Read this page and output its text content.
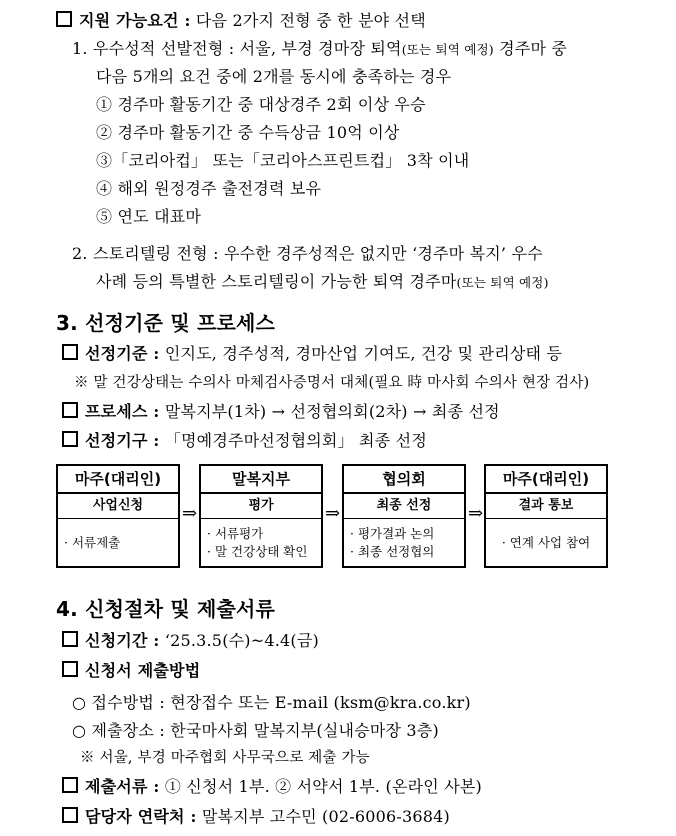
지원 가능요건 : 다음 2가지 전형 중 한 분야 선택
1. 우수성적 선발전형 : 서울, 부경 경마장 퇴역(또는 퇴역 예정) 경주마 중
다음 5개의 요건 중에 2개를 동시에 충족하는 경우
① 경주마 활동기간 중 대상경주 2회 이상 우승
② 경주마 활동기간 중 수득상금 10억 이상
③「코리아컵」 또는「코리아스프린트컵」 3착 이내
④ 해외 원정경주 출전경력 보유
⑤ 연도 대표마
2. 스토리텔링 전형 : 우수한 경주성적은 없지만 ‘경주마 복지’ 우수
사례 등의 특별한 스토리텔링이 가능한 퇴역 경주마(또는 퇴역 예정)
3. 선정기준 및 프로세스
선정기준 : 인지도, 경주성적, 경마산업 기여도, 건강 및 관리상태 등
※ 말 건강상태는 수의사 마체검사증명서 대체(필요 時 마사회 수의사 현장 검사)
프로세스 : 말복지부(1차) → 선정협의회(2차) → 최종 선정
선정기구 : 「명예경주마선정협의회」 최종 선정
마주(대리인)
사업신청
· 서류제출
⇒
말복지부
평가
· 서류평가
· 말 건강상태 확인
⇒
협의회
최종 선정
· 평가결과 논의
· 최종 선정협의
⇒
마주(대리인)
결과 통보
· 연계 사업 참여
4. 신청절차 및 제출서류
신청기간 : ‘25.3.5(수)~4.4(금)
신청서 제출방법
○ 접수방법 : 현장접수 또는 E-mail (ksm@kra.co.kr)
○ 제출장소 : 한국마사회 말복지부(실내승마장 3층)
※ 서울, 부경 마주협회 사무국으로 제출 가능
제출서류 : ① 신청서 1부. ② 서약서 1부. (온라인 사본)
담당자 연락처 : 말복지부 고수민 (02-6006-3684)
